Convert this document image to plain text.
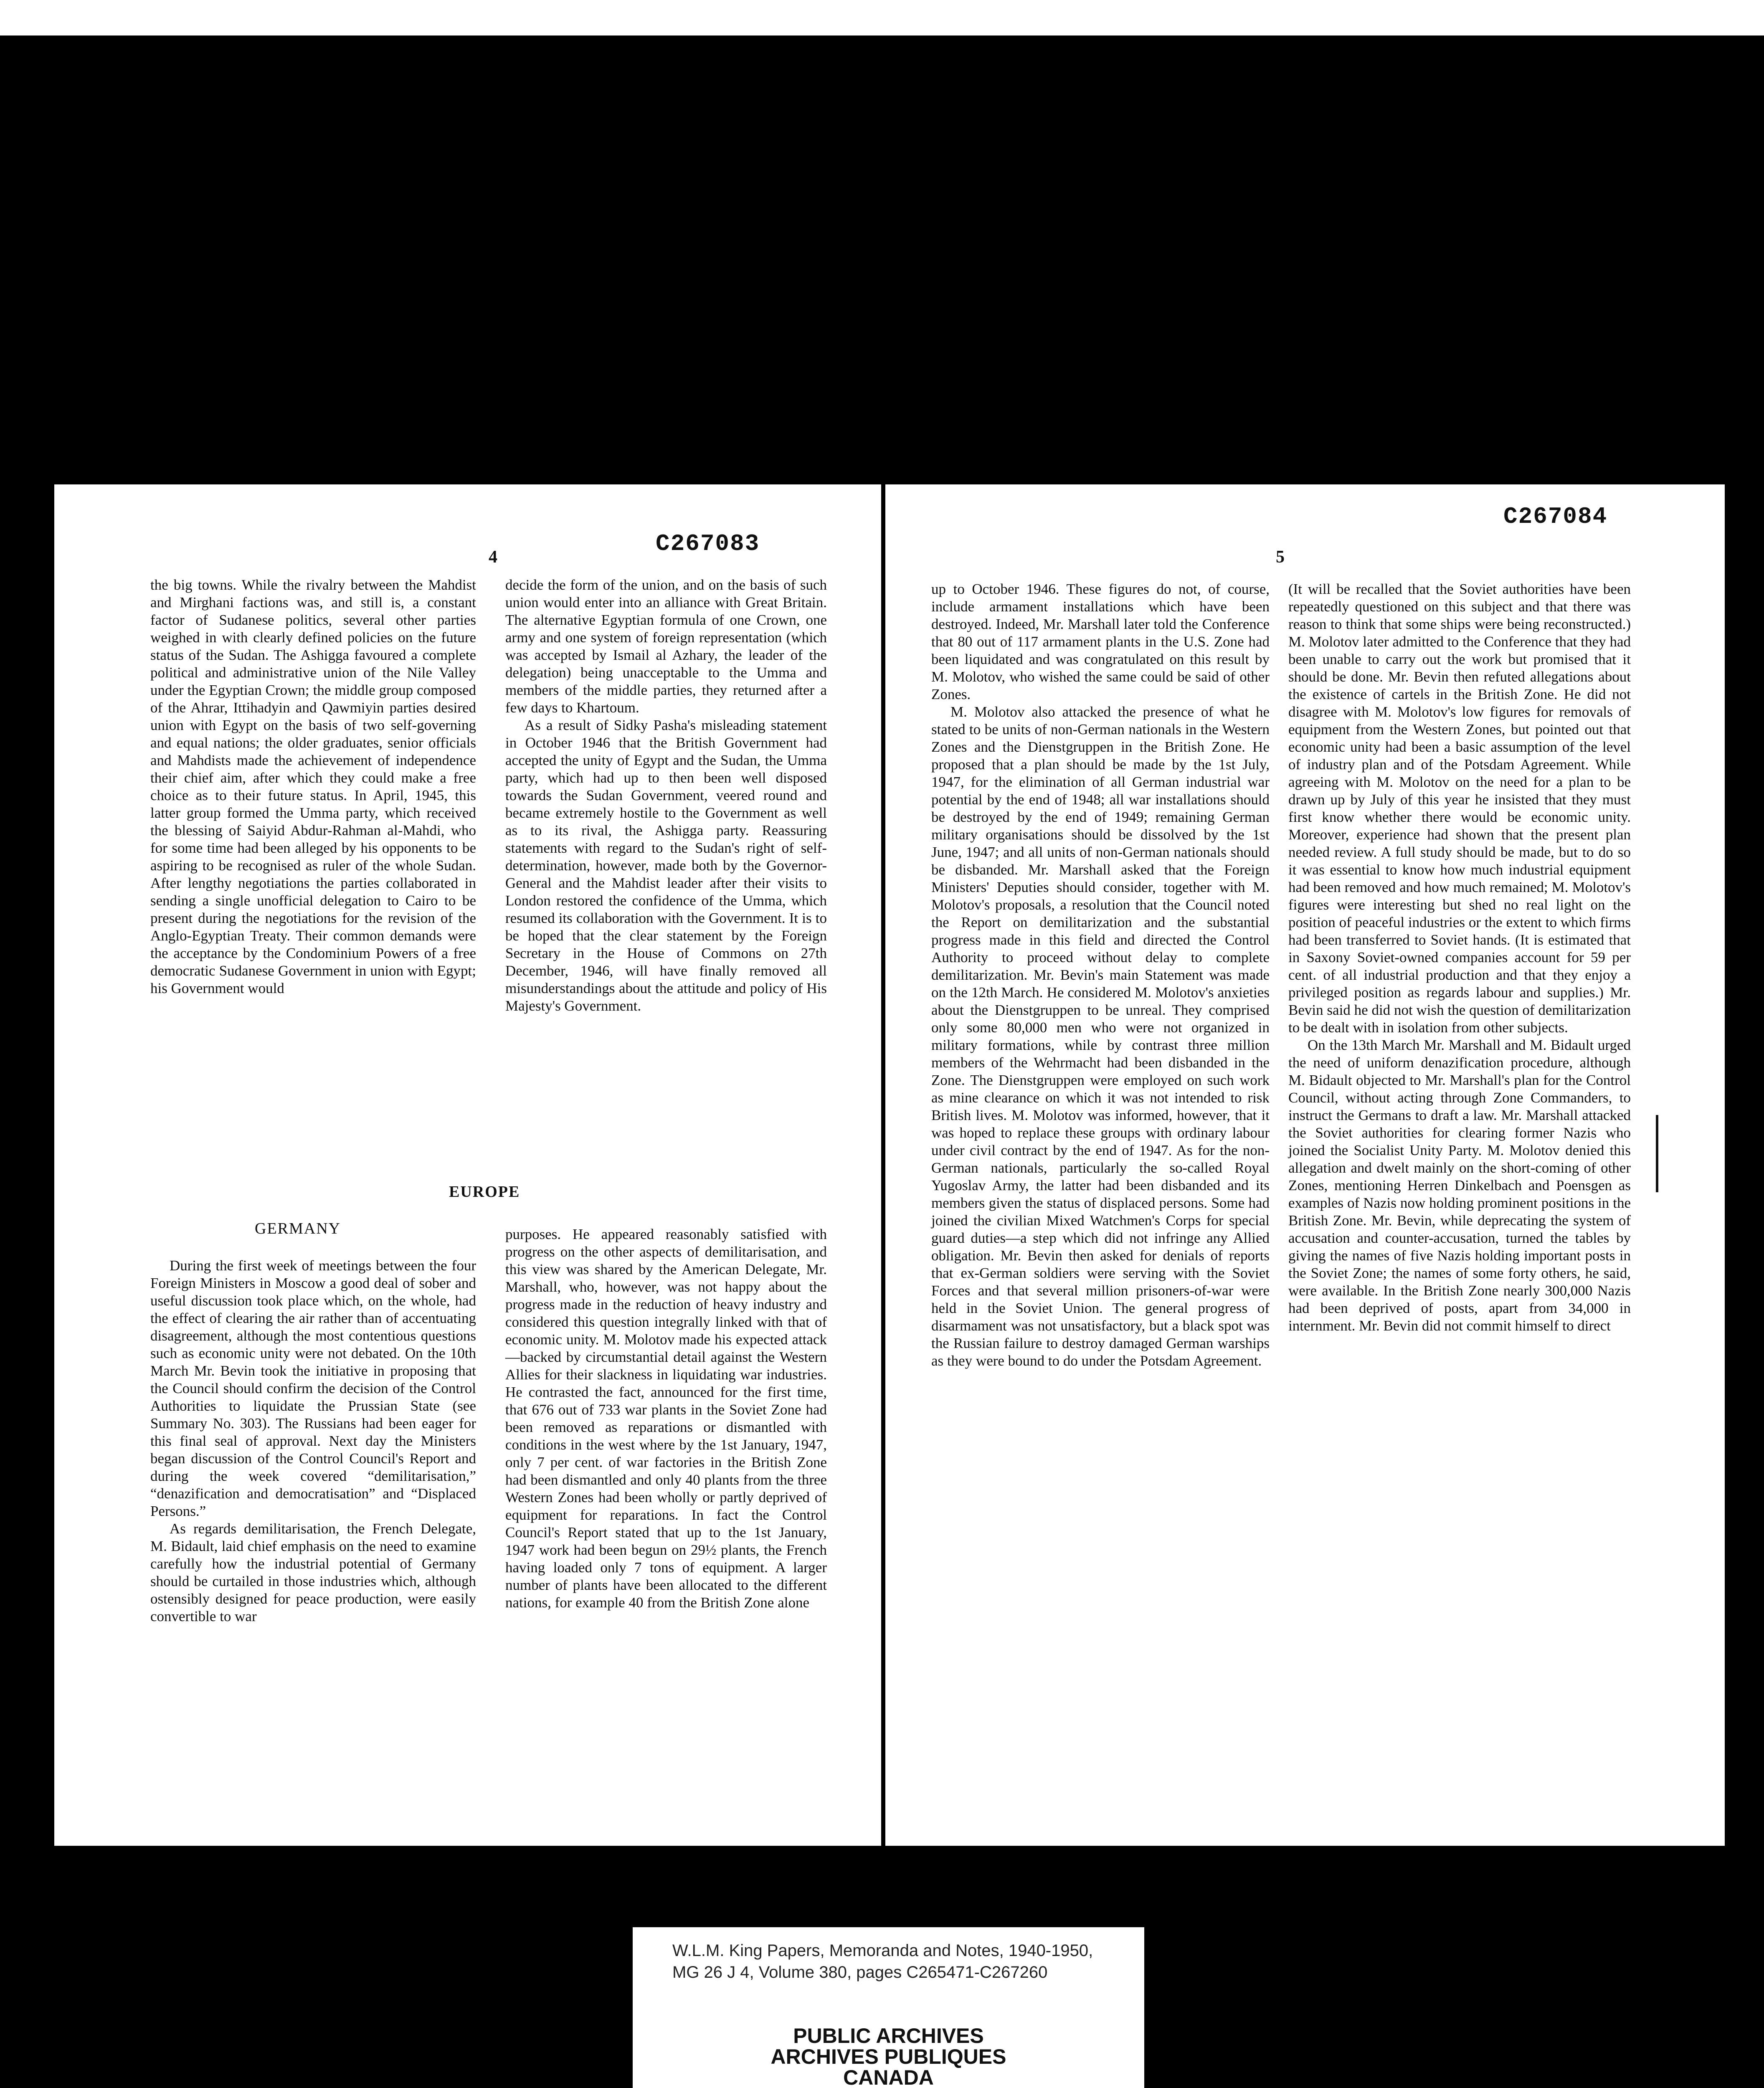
4	C267083

the big towns. While the rivalry between the Mahdist and Mirghani factions was, and still is, a constant factor of Sudanese politics, several other parties weighed in with clearly defined policies on the future status of the Sudan. The Ashigga favoured a complete political and administrative union of the Nile Valley under the Egyptian Crown; the middle group composed of the Ahrar, Ittihadyin and Qawmiyin parties desired union with Egypt on the basis of two self-governing and equal nations; the older graduates, senior officials and Mahdists made the achievement of independence their chief aim, after which they could make a free choice as to their future status. In April, 1945, this latter group formed the Umma party, which received the blessing of Saiyid Abdur-Rahman al-Mahdi, who for some time had been alleged by his opponents to be aspiring to be recognised as ruler of the whole Sudan. After lengthy negotiations the parties collaborated in sending a single unofficial delegation to Cairo to be present during the negotiations for the revision of the Anglo-Egyptian Treaty. Their common demands were the acceptance by the Condominium Powers of a free democratic Sudanese Government in union with Egypt; his Government would

decide the form of the union, and on the basis of such union would enter into an alliance with Great Britain. The alternative Egyptian formula of one Crown, one army and one system of foreign representation (which was accepted by Ismail al Azhary, the leader of the delegation) being unacceptable to the Umma and members of the middle parties, they returned after a few days to Khartoum.

As a result of Sidky Pasha's misleading statement in October 1946 that the British Government had accepted the unity of Egypt and the Sudan, the Umma party, which had up to then been well disposed towards the Sudan Government, veered round and became extremely hostile to the Government as well as to its rival, the Ashigga party. Reassuring statements with regard to the Sudan's right of self-determination, however, made both by the Governor-General and the Mahdist leader after their visits to London restored the confidence of the Umma, which resumed its collaboration with the Government. It is to be hoped that the clear statement by the Foreign Secretary in the House of Commons on 27th December, 1946, will have finally removed all misunderstandings about the attitude and policy of His Majesty's Government.

EUROPE
GERMANY

During the first week of meetings between the four Foreign Ministers in Moscow a good deal of sober and useful discussion took place which, on the whole, had the effect of clearing the air rather than of accentuating disagreement, although the most contentious questions such as economic unity were not debated. On the 10th March Mr. Bevin took the initiative in proposing that the Council should confirm the decision of the Control Authorities to liquidate the Prussian State (see Summary No. 303). The Russians had been eager for this final seal of approval. Next day the Ministers began discussion of the Control Council's Report and during the week covered “demilitarisation,” “denazification and democratisation” and “Displaced Persons.”

As regards demilitarisation, the French Delegate, M. Bidault, laid chief emphasis on the need to examine carefully how the industrial potential of Germany should be curtailed in those industries which, although ostensibly designed for peace production, were easily convertible to war

purposes. He appeared reasonably satisfied with progress on the other aspects of demilitarisation, and this view was shared by the American Delegate, Mr. Marshall, who, however, was not happy about the progress made in the reduction of heavy industry and considered this question integrally linked with that of economic unity. M. Molotov made his expected attack—backed by circumstantial detail against the Western Allies for their slackness in liquidating war industries. He contrasted the fact, announced for the first time, that 676 out of 733 war plants in the Soviet Zone had been removed as reparations or dismantled with conditions in the west where by the 1st January, 1947, only 7 per cent. of war factories in the British Zone had been dismantled and only 40 plants from the three Western Zones had been wholly or partly deprived of equipment for reparations. In fact the Control Council's Report stated that up to the 1st January, 1947 work had been begun on 29½ plants, the French having loaded only 7 tons of equipment. A larger number of plants have been allocated to the different nations, for example 40 from the British Zone alone

C267084
5

up to October 1946. These figures do not, of course, include armament installations which have been destroyed. Indeed, Mr. Marshall later told the Conference that 80 out of 117 armament plants in the U.S. Zone had been liquidated and was congratulated on this result by M. Molotov, who wished the same could be said of other Zones.

M. Molotov also attacked the presence of what he stated to be units of non-German nationals in the Western Zones and the Dienstgruppen in the British Zone. He proposed that a plan should be made by the 1st July, 1947, for the elimination of all German industrial war potential by the end of 1948; all war installations should be destroyed by the end of 1949; remaining German military organisations should be dissolved by the 1st June, 1947; and all units of non-German nationals should be disbanded. Mr. Marshall asked that the Foreign Ministers' Deputies should consider, together with M. Molotov's proposals, a resolution that the Council noted the Report on demilitarization and the substantial progress made in this field and directed the Control Authority to proceed without delay to complete demilitarization. Mr. Bevin's main Statement was made on the 12th March. He considered M. Molotov's anxieties about the Dienstgruppen to be unreal. They comprised only some 80,000 men who were not organized in military formations, while by contrast three million members of the Wehrmacht had been disbanded in the Zone. The Dienstgruppen were employed on such work as mine clearance on which it was not intended to risk British lives. M. Molotov was informed, however, that it was hoped to replace these groups with ordinary labour under civil contract by the end of 1947. As for the non-German nationals, particularly the so-called Royal Yugoslav Army, the latter had been disbanded and its members given the status of displaced persons. Some had joined the civilian Mixed Watchmen's Corps for special guard duties—a step which did not infringe any Allied obligation. Mr. Bevin then asked for denials of reports that ex-German soldiers were serving with the Soviet Forces and that several million prisoners-of-war were held in the Soviet Union. The general progress of disarmament was not unsatisfactory, but a black spot was the Russian failure to destroy damaged German warships as they were bound to do under the Potsdam Agreement.

(It will be recalled that the Soviet authorities have been repeatedly questioned on this subject and that there was reason to think that some ships were being reconstructed.) M. Molotov later admitted to the Conference that they had been unable to carry out the work but promised that it should be done. Mr. Bevin then refuted allegations about the existence of cartels in the British Zone. He did not disagree with M. Molotov's low figures for removals of equipment from the Western Zones, but pointed out that economic unity had been a basic assumption of the level of industry plan and of the Potsdam Agreement. While agreeing with M. Molotov on the need for a plan to be drawn up by July of this year he insisted that they must first know whether there would be economic unity. Moreover, experience had shown that the present plan needed review. A full study should be made, but to do so it was essential to know how much industrial equipment had been removed and how much remained; M. Molotov's figures were interesting but shed no real light on the position of peaceful industries or the extent to which firms had been transferred to Soviet hands. (It is estimated that in Saxony Soviet-owned companies account for 59 per cent. of all industrial production and that they enjoy a privileged position as regards labour and supplies.) Mr. Bevin said he did not wish the question of demilitarization to be dealt with in isolation from other subjects.

On the 13th March Mr. Marshall and M. Bidault urged the need of uniform denazification procedure, although M. Bidault objected to Mr. Marshall's plan for the Control Council, without acting through Zone Commanders, to instruct the Germans to draft a law. Mr. Marshall attacked the Soviet authorities for clearing former Nazis who joined the Socialist Unity Party. M. Molotov denied this allegation and dwelt mainly on the short-coming of other Zones, mentioning Herren Dinkelbach and Poensgen as examples of Nazis now holding prominent positions in the British Zone. Mr. Bevin, while deprecating the system of accusation and counter-accusation, turned the tables by giving the names of five Nazis holding important posts in the Soviet Zone; the names of some forty others, he said, were available. In the British Zone nearly 300,000 Nazis had been deprived of posts, apart from 34,000 in internment. Mr. Bevin did not commit himself to direct

W.L.M. King Papers, Memoranda and Notes, 1940-1950,
MG 26 J 4, Volume 380, pages C265471-C267260
PUBLIC ARCHIVES
ARCHIVES PUBLIQUES
CANADA
